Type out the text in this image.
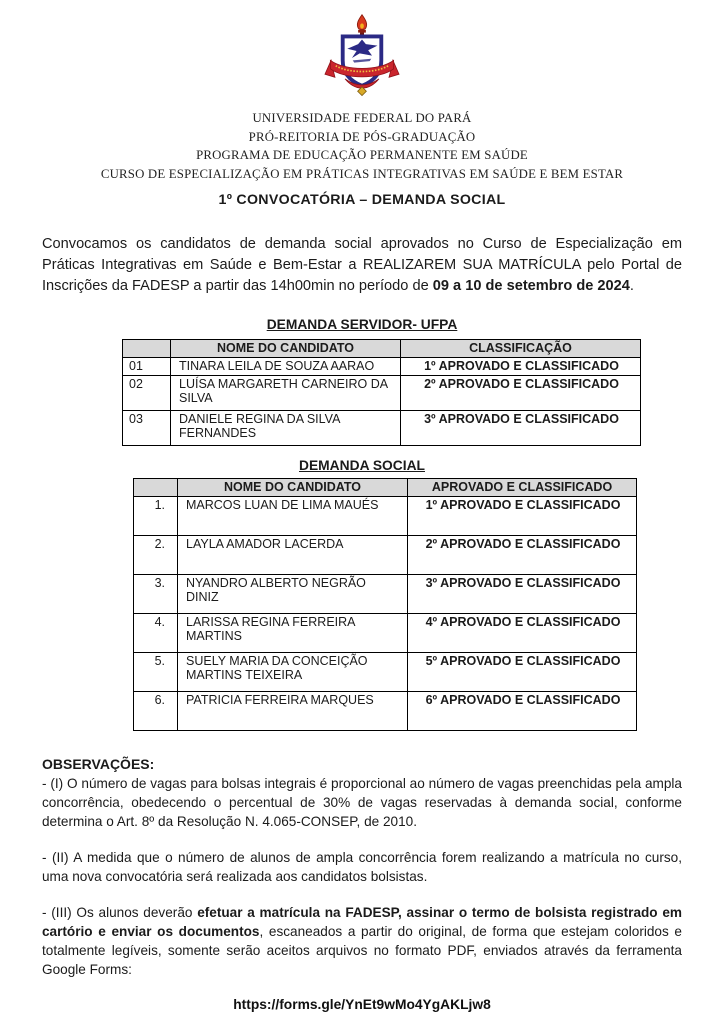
UNIVERSIDADE FEDERAL DO PARÁ
PRÓ-REITORIA DE PÓS-GRADUAÇÃO
PROGRAMA DE EDUCAÇÃO PERMANENTE EM SAÚDE
CURSO DE ESPECIALIZAÇÃO EM PRÁTICAS INTEGRATIVAS EM SAÚDE E BEM ESTAR
1º CONVOCATÓRIA – DEMANDA SOCIAL

Convocamos os candidatos de demanda social aprovados no Curso de Especialização em Práticas Integrativas em Saúde e Bem-Estar a REALIZAREM SUA MATRÍCULA pelo Portal de Inscrições da FADESP a partir das 14h00min no período de 09 a 10 de setembro de 2024.

DEMANDA SERVIDOR- UFPA
	NOME DO CANDIDATO	CLASSIFICAÇÃO
01	TINARA LEILA DE SOUZA AARAO	1º APROVADO E CLASSIFICADO
02	LUÍSA MARGARETH CARNEIRO DA SILVA	2º APROVADO E CLASSIFICADO
03	DANIELE REGINA DA SILVA FERNANDES	3º APROVADO E CLASSIFICADO
DEMANDA SOCIAL
	NOME DO CANDIDATO	APROVADO E CLASSIFICADO
1.	MARCOS LUAN DE LIMA MAUÉS	1º APROVADO E CLASSIFICADO
2.	LAYLA AMADOR LACERDA	2º APROVADO E CLASSIFICADO
3.	NYANDRO ALBERTO NEGRÃO DINIZ	3º APROVADO E CLASSIFICADO
4.	LARISSA REGINA FERREIRA MARTINS	4º APROVADO E CLASSIFICADO
5.	SUELY MARIA DA CONCEIÇÃO MARTINS TEIXEIRA	5º APROVADO E CLASSIFICADO
6.	PATRICIA FERREIRA MARQUES	6º APROVADO E CLASSIFICADO
OBSERVAÇÕES:

- (I) O número de vagas para bolsas integrais é proporcional ao número de vagas preenchidas pela ampla concorrência, obedecendo o percentual de 30% de vagas reservadas à demanda social, conforme determina o Art. 8º da Resolução N. 4.065-CONSEP, de 2010.

- (II) A medida que o número de alunos de ampla concorrência forem realizando a matrícula no curso, uma nova convocatória será realizada aos candidatos bolsistas.

- (III) Os alunos deverão efetuar a matrícula na FADESP, assinar o termo de bolsista registrado em cartório e enviar os documentos, escaneados a partir do original, de forma que estejam coloridos e totalmente legíveis, somente serão aceitos arquivos no formato PDF, enviados através da ferramenta Google Forms:

https://forms.gle/YnEt9wMo4YgAKLjw8
